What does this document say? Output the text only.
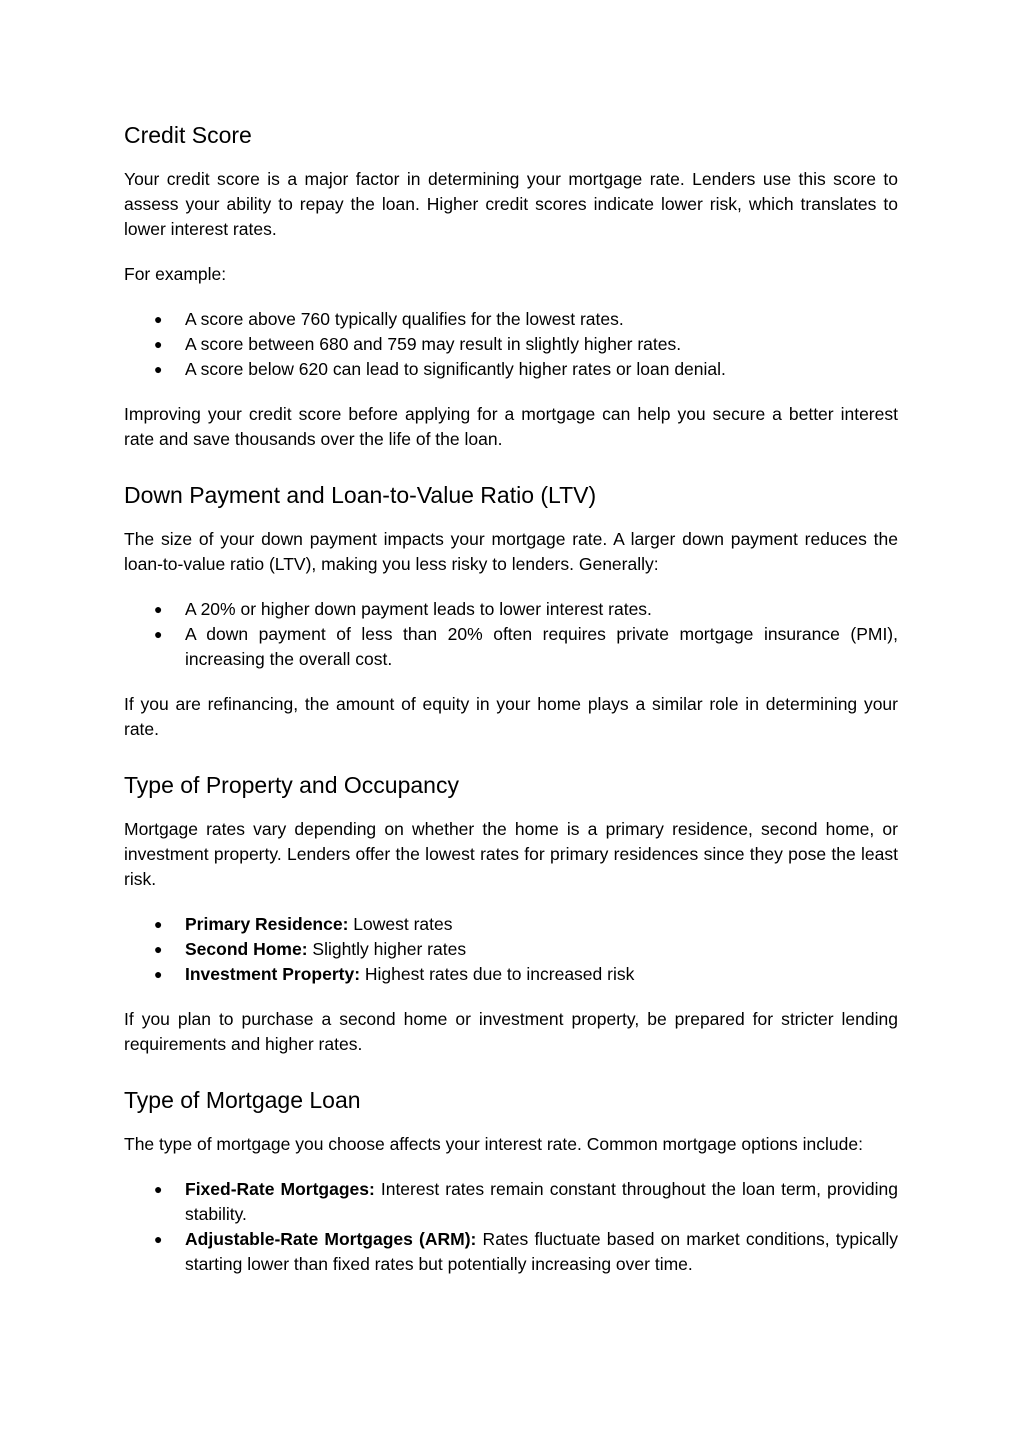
Credit Score

Your credit score is a major factor in determining your mortgage rate. Lenders use this score to assess your ability to repay the loan. Higher credit scores indicate lower risk, which translates to lower interest rates.

For example:

● A score above 760 typically qualifies for the lowest rates.
● A score between 680 and 759 may result in slightly higher rates.
● A score below 620 can lead to significantly higher rates or loan denial.

Improving your credit score before applying for a mortgage can help you secure a better interest rate and save thousands over the life of the loan.

Down Payment and Loan-to-Value Ratio (LTV)

The size of your down payment impacts your mortgage rate. A larger down payment reduces the loan-to-value ratio (LTV), making you less risky to lenders. Generally:

● A 20% or higher down payment leads to lower interest rates.
● A down payment of less than 20% often requires private mortgage insurance (PMI), increasing the overall cost.

If you are refinancing, the amount of equity in your home plays a similar role in determining your rate.

Type of Property and Occupancy

Mortgage rates vary depending on whether the home is a primary residence, second home, or investment property. Lenders offer the lowest rates for primary residences since they pose the least risk.

● Primary Residence: Lowest rates
● Second Home: Slightly higher rates
● Investment Property: Highest rates due to increased risk

If you plan to purchase a second home or investment property, be prepared for stricter lending requirements and higher rates.

Type of Mortgage Loan

The type of mortgage you choose affects your interest rate. Common mortgage options include:

● Fixed-Rate Mortgages: Interest rates remain constant throughout the loan term, providing stability.
● Adjustable-Rate Mortgages (ARM): Rates fluctuate based on market conditions, typically starting lower than fixed rates but potentially increasing over time.
